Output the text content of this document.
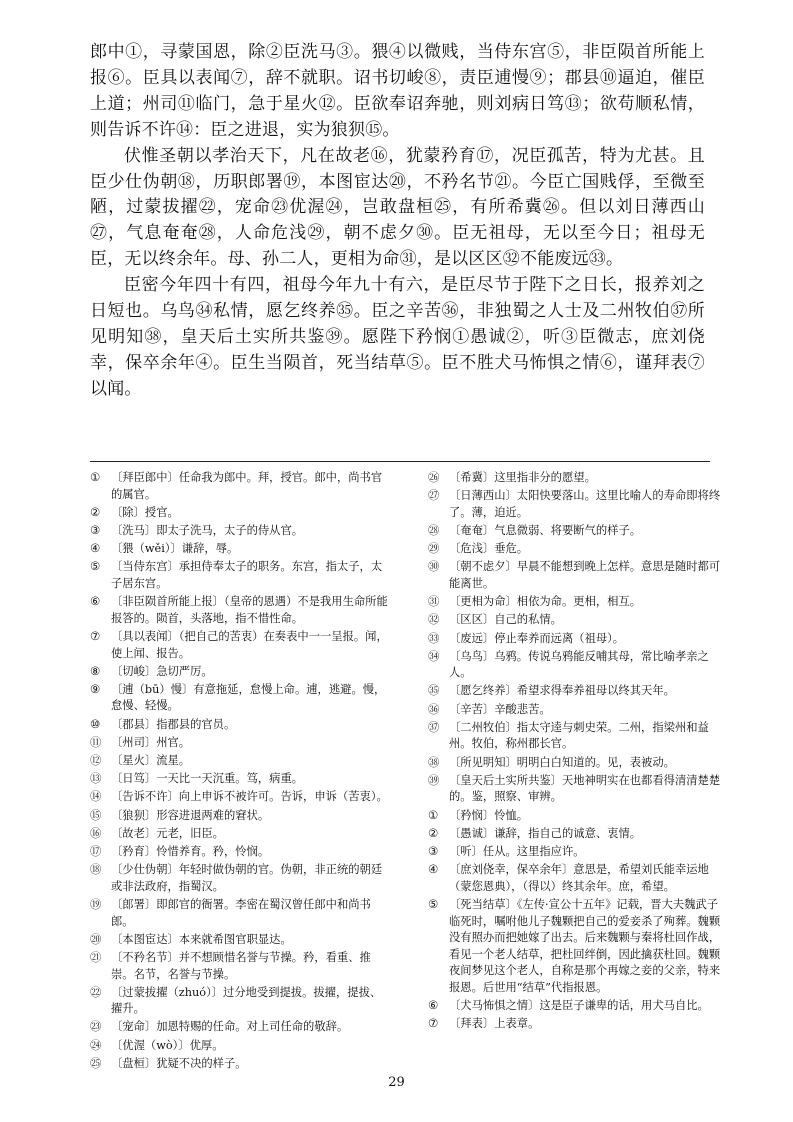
郎中①，寻蒙国恩，除②臣洗马③。猥④以微贱，当侍东宫⑤，非臣陨首所能上报⑥。臣具以表闻⑦，辞不就职。诏书切峻⑧，责臣逋慢⑨；郡县⑩逼迫，催臣上道；州司⑪临门，急于星火⑫。臣欲奉诏奔驰，则刘病日笃⑬；欲苟顺私情，则告诉不许⑭：臣之进退，实为狼狈⑮。

伏惟圣朝以孝治天下，凡在故老⑯，犹蒙矜育⑰，况臣孤苦，特为尤甚。且臣少仕伪朝⑱，历职郎署⑲，本图宦达⑳，不矜名节㉑。今臣亡国贱俘，至微至陋，过蒙拔擢㉒，宠命㉓优渥㉔，岂敢盘桓㉕，有所希冀㉖。但以刘日薄西山㉗，气息奄奄㉘，人命危浅㉙，朝不虑夕㉚。臣无祖母，无以至今日；祖母无臣，无以终余年。母、孙二人，更相为命㉛，是以区区㉜不能废远㉝。

臣密今年四十有四，祖母今年九十有六，是臣尽节于陛下之日长，报养刘之日短也。乌鸟㉞私情，愿乞终养㉟。臣之辛苦㊱，非独蜀之人士及二州牧伯㊲所见明知㊳，皇天后土实所共鉴㊴。愿陛下矜悯①愚诚②，听③臣微志，庶刘侥幸，保卒余年④。臣生当陨首，死当结草⑤。臣不胜犬马怖惧之情⑥，谨拜表⑦以闻。

① 〔拜臣郎中〕任命我为郎中。拜，授官。郎中，尚书官的属官。
② 〔除〕授官。
③ 〔洗马〕即太子洗马，太子的侍从官。
④ 〔猥（wěi）〕谦辞，辱。
⑤ 〔当侍东宫〕承担侍奉太子的职务。东宫，指太子，太子居东宫。
⑥ 〔非臣陨首所能上报〕（皇帝的恩遇）不是我用生命所能报答的。陨首，头落地，指不惜性命。
⑦ 〔具以表闻〕（把自己的苦衷）在奏表中一一呈报。闻，使上闻、报告。
⑧ 〔切峻〕急切严厉。
⑨ 〔逋（bū）慢〕有意拖延，怠慢上命。逋，逃避。慢，怠慢、轻慢。
⑩ 〔郡县〕指郡县的官员。
⑪ 〔州司〕州官。
⑫ 〔星火〕流星。
⑬ 〔日笃〕一天比一天沉重。笃，病重。
⑭ 〔告诉不许〕向上申诉不被许可。告诉，申诉（苦衷）。
⑮ 〔狼狈〕形容进退两难的窘状。
⑯ 〔故老〕元老，旧臣。
⑰ 〔矜育〕怜惜养育。矜，怜悯。
⑱ 〔少仕伪朝〕年轻时做伪朝的官。伪朝，非正统的朝廷或非法政府，指蜀汉。
⑲ 〔郎署〕即郎官的衙署。李密在蜀汉曾任郎中和尚书郎。
⑳ 〔本图宦达〕本来就希图官职显达。
㉑ 〔不矜名节〕并不想顾惜名誉与节操。矜，看重、推崇。名节，名誉与节操。
㉒ 〔过蒙拔擢（zhuó）〕过分地受到提拔。拔擢，提拔、擢升。
㉓ 〔宠命〕加恩特赐的任命。对上司任命的敬辞。
㉔ 〔优渥（wò）〕优厚。
㉕ 〔盘桓〕犹疑不决的样子。
㉖ 〔希冀〕这里指非分的愿望。
㉗ 〔日薄西山〕太阳快要落山。这里比喻人的寿命即将终了。薄，迫近。
㉘ 〔奄奄〕气息微弱、将要断气的样子。
㉙ 〔危浅〕垂危。
㉚ 〔朝不虑夕〕早晨不能想到晚上怎样。意思是随时都可能离世。
㉛ 〔更相为命〕相依为命。更相，相互。
㉜ 〔区区〕自己的私情。
㉝ 〔废远〕停止奉养而远离（祖母）。
㉞ 〔乌鸟〕乌鸦。传说乌鸦能反哺其母，常比喻孝亲之人。
㉟ 〔愿乞终养〕希望求得奉养祖母以终其天年。
㊱ 〔辛苦〕辛酸悲苦。
㊲ 〔二州牧伯〕指太守逵与刺史荣。二州，指梁州和益州。牧伯，称州郡长官。
㊳ 〔所见明知〕明明白白知道的。见，表被动。
㊴ 〔皇天后土实所共鉴〕天地神明实在也都看得清清楚楚的。鉴，照察、审辨。
① 〔矜悯〕怜恤。
② 〔愚诚〕谦辞，指自己的诚意、衷情。
③ 〔听〕任从。这里指应许。
④ 〔庶刘侥幸，保卒余年〕意思是，希望刘氏能幸运地（蒙您恩典），（得以）终其余年。庶，希望。
⑤ 〔死当结草〕《左传·宣公十五年》记载，晋大夫魏武子临死时，嘱咐他儿子魏颗把自己的爱妾杀了殉葬。魏颗没有照办而把她嫁了出去。后来魏颗与秦将杜回作战，看见一个老人结草，把杜回绊倒，因此擒获杜回。魏颗夜间梦见这个老人，自称是那个再嫁之妾的父亲，特来报恩。后世用“结草”代指报恩。
⑥ 〔犬马怖惧之情〕这是臣子谦卑的话，用犬马自比。
⑦ 〔拜表〕上表章。
29
